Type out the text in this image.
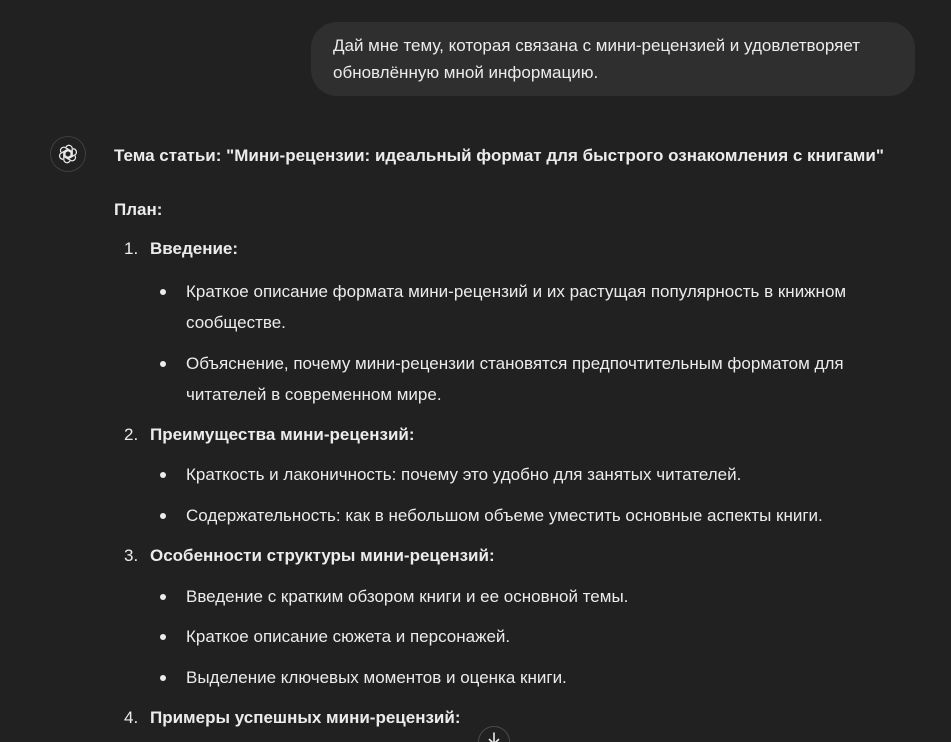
Дай мне тему, которая связана с мини-рецензией и удовлетворяет обновлённую мной информацию.
Тема статьи: "Мини-рецензии: идеальный формат для быстрого ознакомления с книгами"
План:
1. Введение:
Краткое описание формата мини-рецензий и их растущая популярность в книжном сообществе.
Объяснение, почему мини-рецензии становятся предпочтительным форматом для читателей в современном мире.
2. Преимущества мини-рецензий:
Краткость и лаконичность: почему это удобно для занятых читателей.
Содержательность: как в небольшом объеме уместить основные аспекты книги.
3. Особенности структуры мини-рецензий:
Введение с кратким обзором книги и ее основной темы.
Краткое описание сюжета и персонажей.
Выделение ключевых моментов и оценка книги.
4. Примеры успешных мини-рецензий:
